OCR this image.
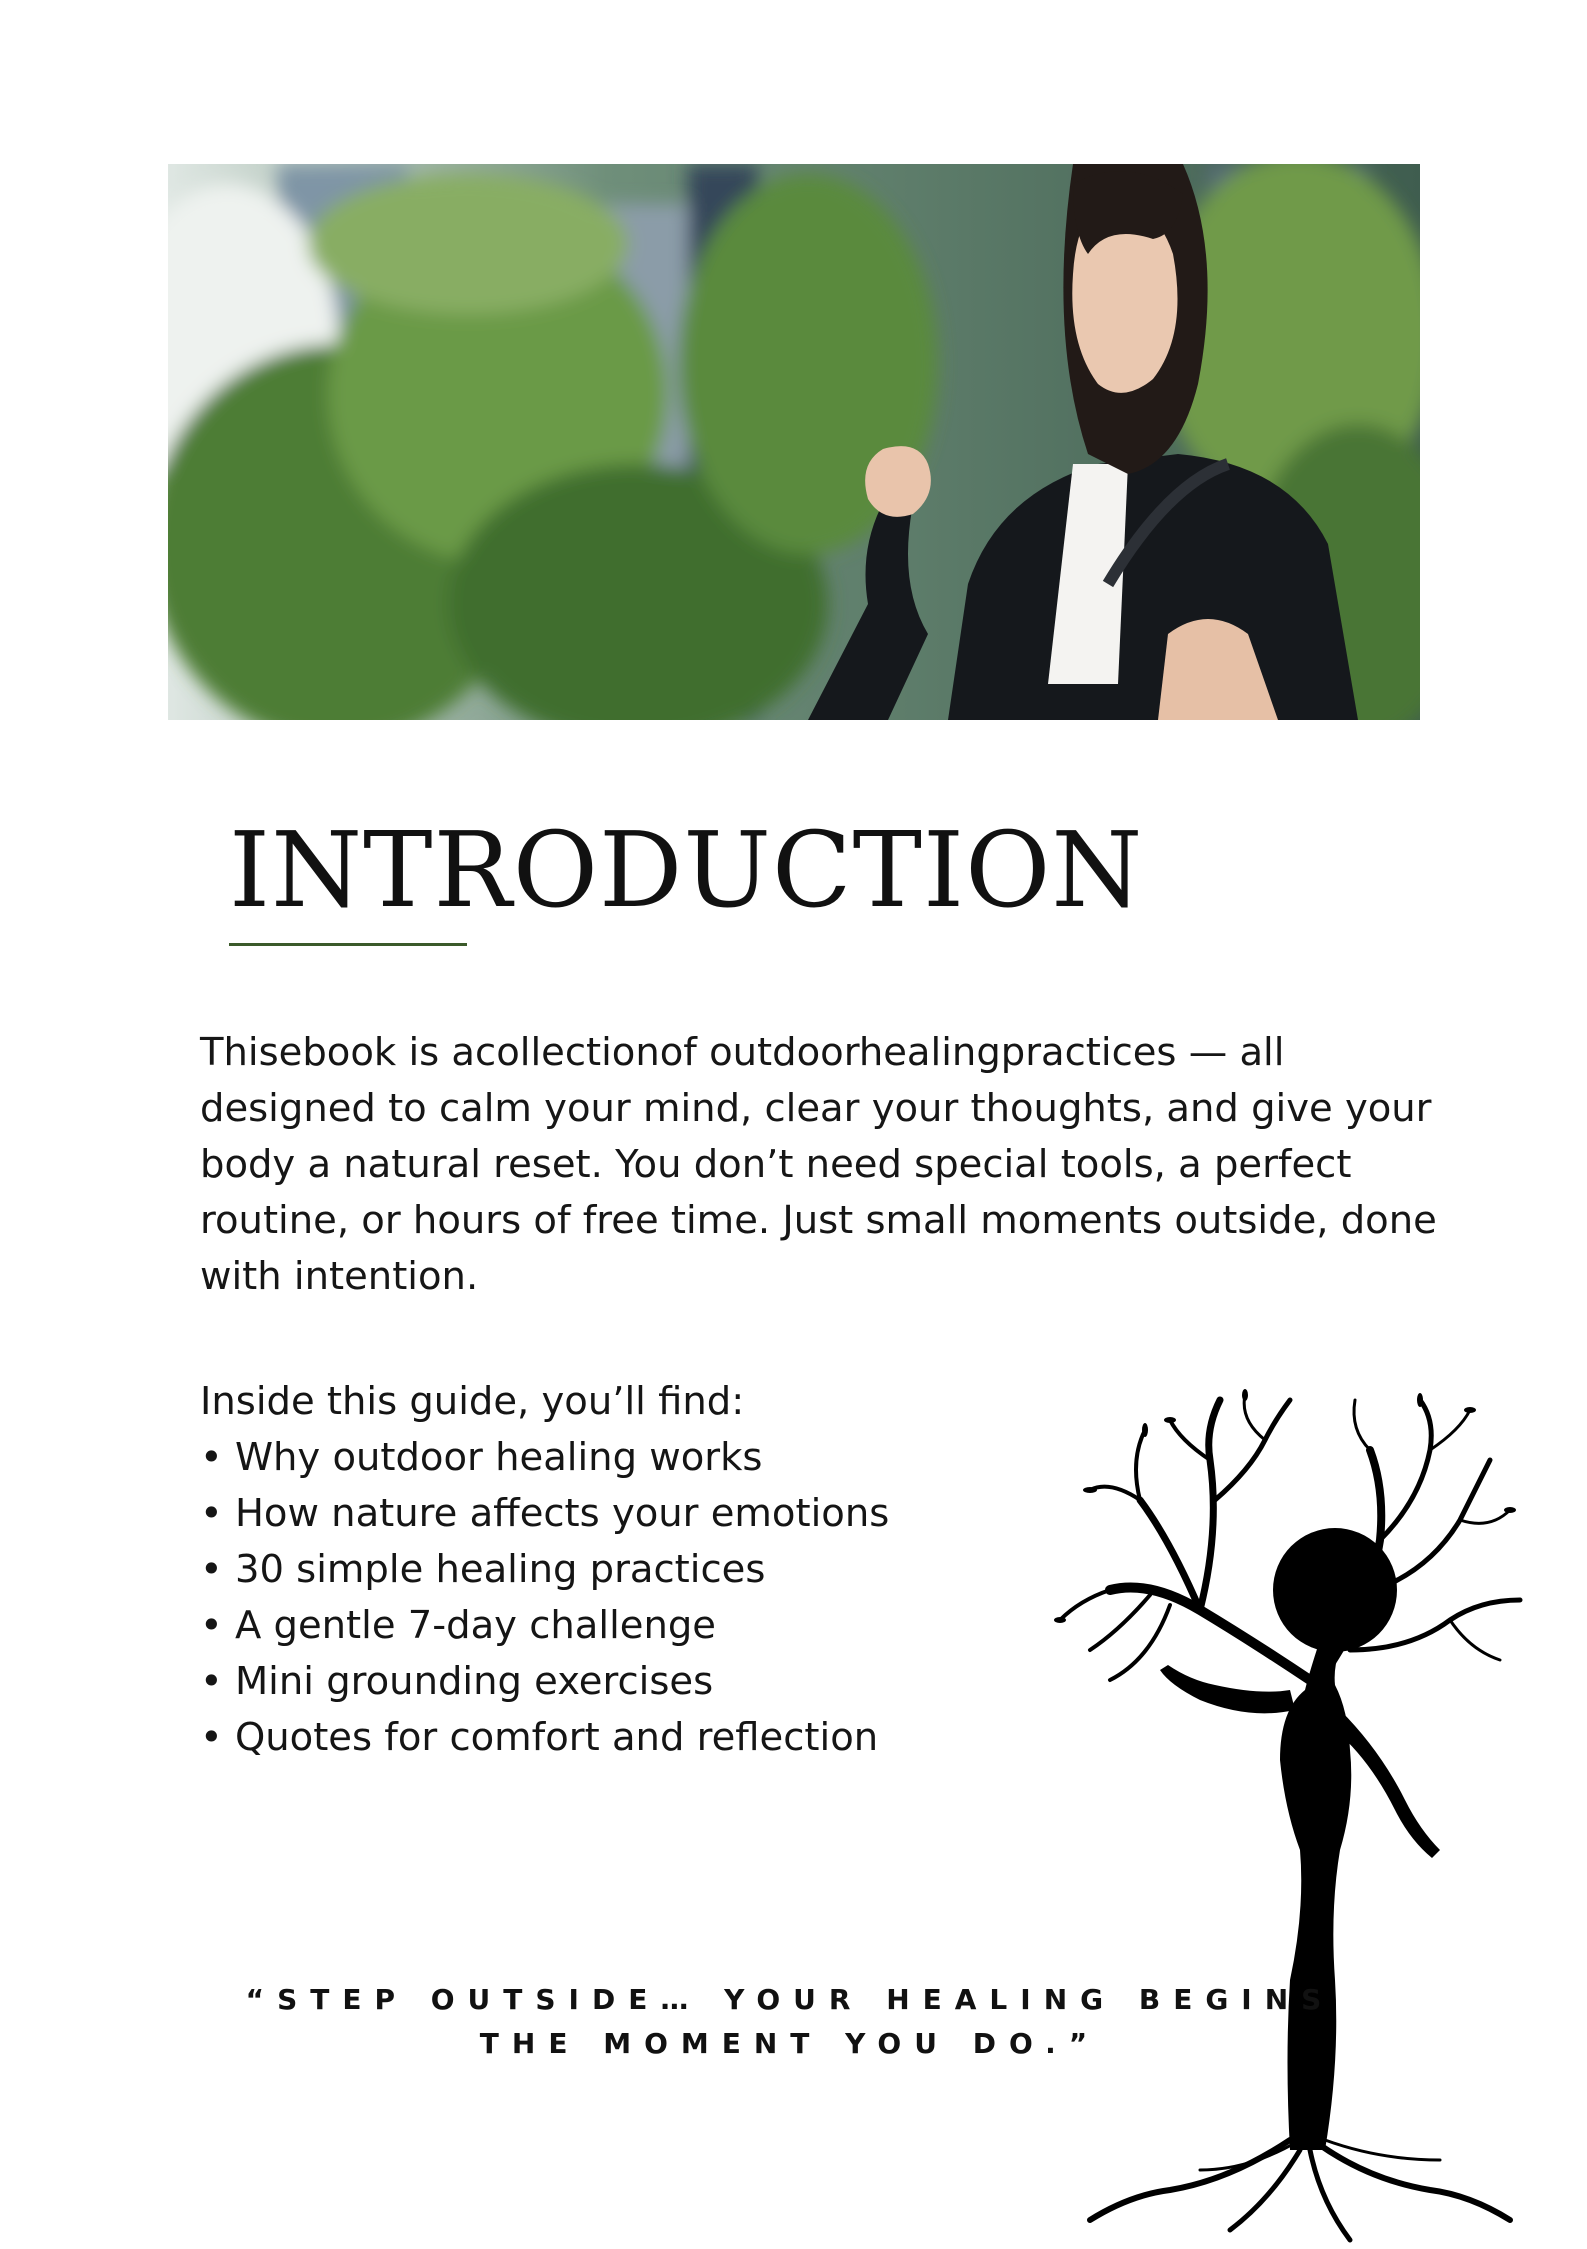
INTRODUCTION

Thisebook is acollectionof outdoorhealingpractices — all
designed to calm your mind, clear your thoughts, and give your
body a natural reset. You don’t need special tools, a perfect
routine, or hours of free time. Just small moments outside, done
with intention.

Inside this guide, you’ll find:

• Why outdoor healing works
• How nature affects your emotions
• 30 simple healing practices
• A gentle 7-day challenge
• Mini grounding exercises
• Quotes for comfort and reflection
“STEP OUTSIDE… YOUR HEALING BEGINS
THE MOMENT YOU DO.”
